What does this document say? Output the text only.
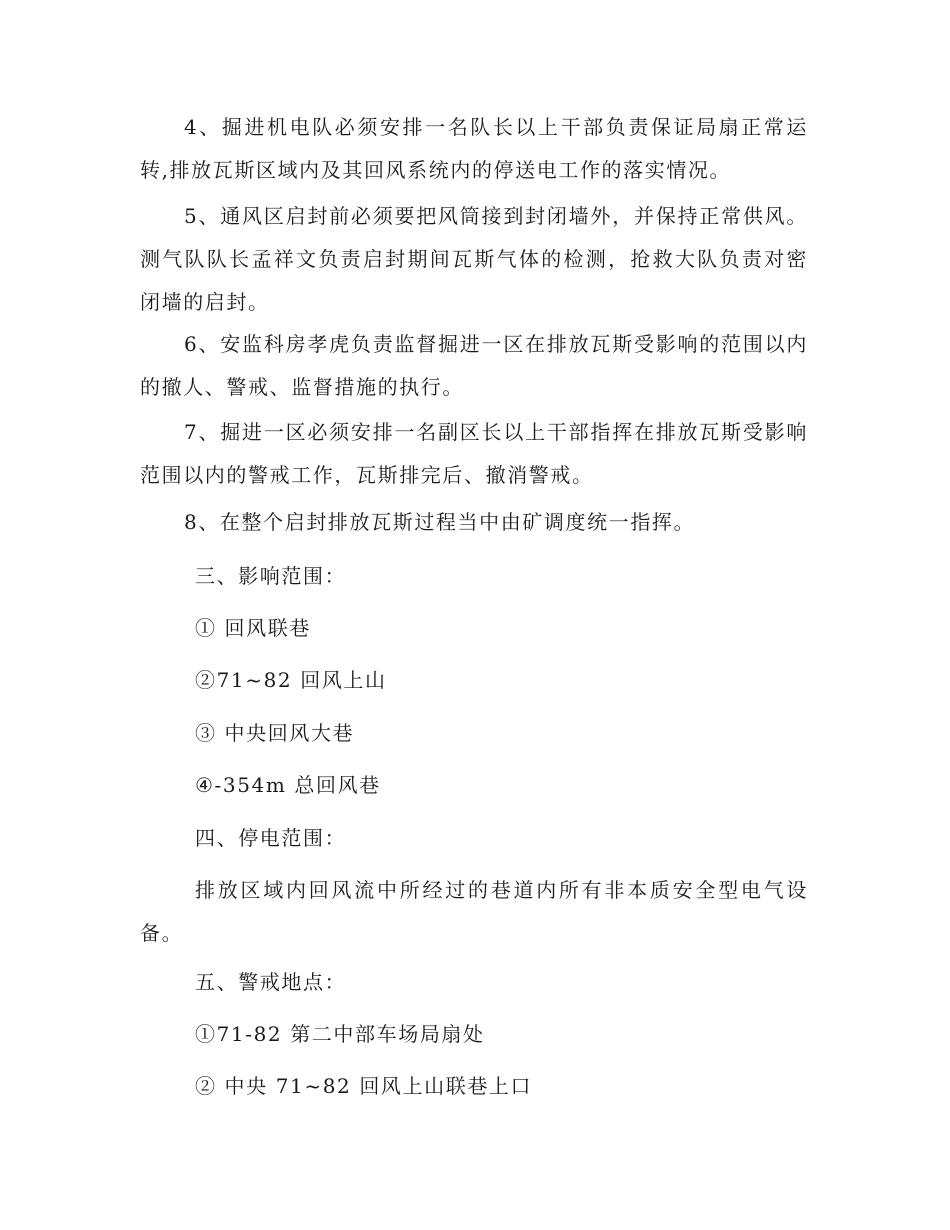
4、掘进机电队必须安排一名队长以上干部负责保证局扇正常运转,排放瓦斯区域内及其回风系统内的停送电工作的落实情况。

5、通风区启封前必须要把风筒接到封闭墙外，并保持正常供风。测气队队长孟祥文负责启封期间瓦斯气体的检测，抢救大队负责对密闭墙的启封。

6、安监科房孝虎负责监督掘进一区在排放瓦斯受影响的范围以内的撤人、警戒、监督措施的执行。

7、掘进一区必须安排一名副区长以上干部指挥在排放瓦斯受影响范围以内的警戒工作，瓦斯排完后、撤消警戒。

8、在整个启封排放瓦斯过程当中由矿调度统一指挥。

三、影响范围：

① 回风联巷

②71~82 回风上山

③ 中央回风大巷

④-354m 总回风巷

四、停电范围：

排放区域内回风流中所经过的巷道内所有非本质安全型电气设备。

五、警戒地点：

①71-82 第二中部车场局扇处

② 中央 71~82 回风上山联巷上口
